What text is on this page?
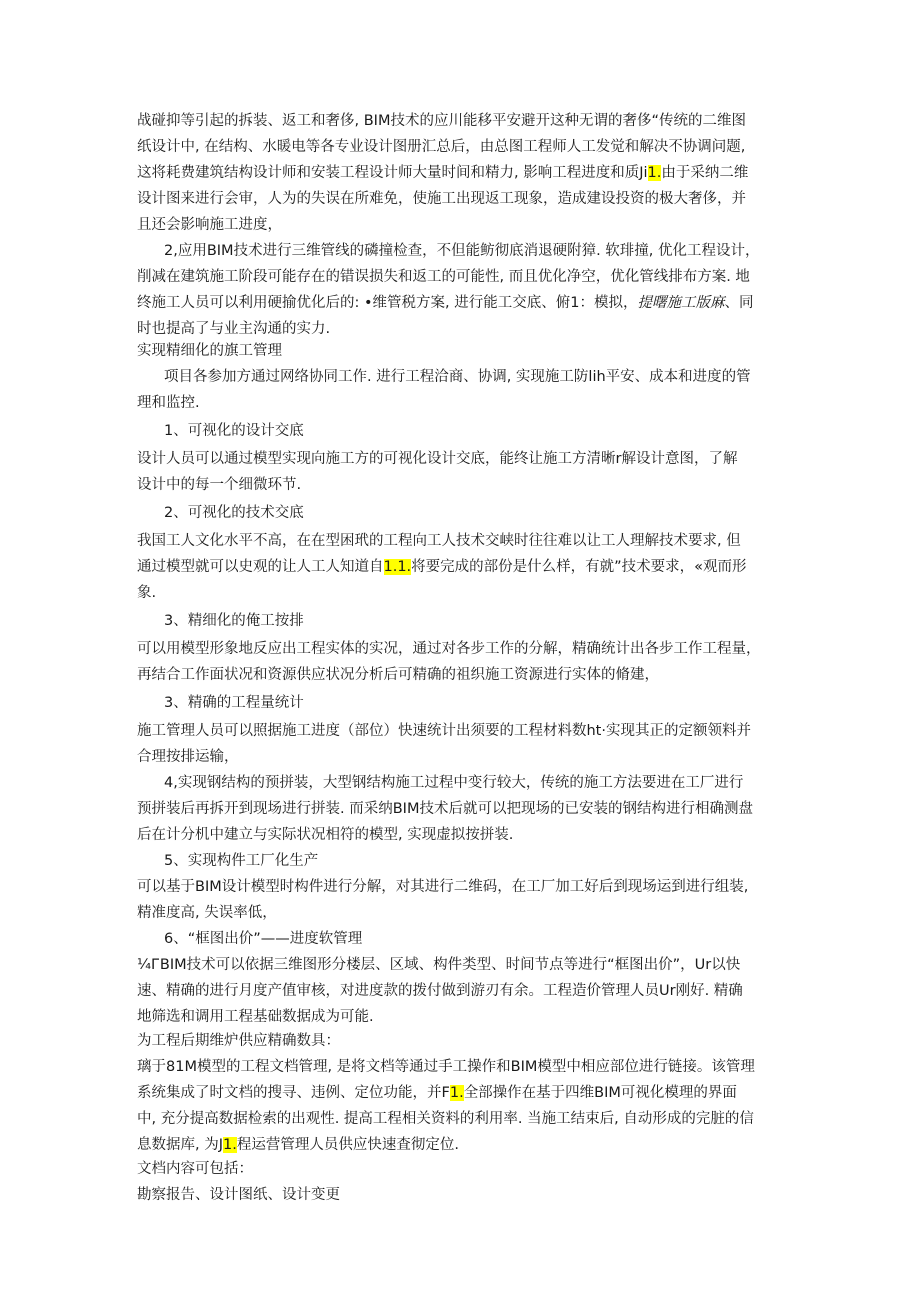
战碰抑等引起的拆装、返工和奢侈, BIM技术的应川能移平安避开这种无谓的奢侈“传统的二维图
纸设计中, 在结构、水暖电等各专业设计图册汇总后，由总图工程师人工发觉和解决不协调问题,
这将耗费建筑结构设计师和安装工程设计师大量时间和精力, 影响工程进度和质Ji1.由于采纳二维
设计图来进行会审，人为的失误在所难免，使施工出现返工现象，造成建设投资的极大奢侈，并
且还会影响施工进度，
2,应用BIM技术进行三维管线的磷撞检查，不但能鲂彻底消退硬附獐. 软琲撞, 优化工程设计，
削减在建筑施工阶段可能存在的错误损失和返工的可能性, 而且优化净空，优化管线排布方案. 地
终施工人员可以利用硬揄优化后的: •维管税方案, 进行能工交底、俯1：模拟，提曙施工版麻、同
时也提高了与业主沟通的实力.
实现精细化的旗工管理
项目各参加方通过网络协同工作. 进行工程洽商、协调, 实现施工防lih平安、成本和进度的管
理和监控.
1、可视化的设计交底
设计人员可以通过模型实现向施工方的可视化设计交底，能终让施工方清晰r解设计意图，了解
设计中的每一个细微环节.
2、可视化的技术交底
我国工人文化水平不高，在在型困玳的工程向工人技术交峡时往往难以让工人理解技术要求, 但
通过模型就可以史观的让人工人知道自1.1.将要完成的部份是什么样，有就”技术要求，«观而形
象.
3、精细化的俺工按排
可以用模型形象地反应出工程实体的实况，通过对各步工作的分解，精确统计出各步工作工程量，
再结合工作面状况和资源供应状况分析后可精确的祖织施工资源进行实体的脩建，
3、精确的工程量统计
施工管理人员可以照据施工进度（部位）快速统计出须要的工程材料数ht·实现其正的定额领料并
合理按排运输，
4,实现钢结构的预拼装，大型钢结构施工过程中变行较大，传统的施工方法要进在工厂进行
预拼装后再拆开到现场进行拼装. 而采纳BIM技术后就可以把现场的已安装的钢结构进行相确测盘
后在计分机中建立与实际状况相符的模型, 实现虚拟按拼装.
5、实现构件工厂化生产
可以基于BIM设计模型时构件进行分解，对其进行二维码，在工厂加工好后到现场运到进行组装,
精准度高, 失误率低，
6、“框图出价”——进度软管理
¼ГBIM技术可以依据三维图形分楼层、区域、构件类型、时间节点等进行“框图出价”，Ur以快
速、精确的进行月度产值审核，对进度款的拨付做到游刃有余。工程造价管理人员Ur刚好. 精确
地筛选和调用工程基础数据成为可能.
为工程后期维炉供应精确数具：
璃于81M模型的工程文档管理, 是将文档等通过手工操作和BIM模型中相应部位进行链接。该管理
系统集成了时文档的搜寻、违例、定位功能，并F1.全部操作在基于四维BIM可视化模理的界面
中, 充分提高数据检索的出观性. 提高工程相关资料的利用率. 当施工结束后, 自动形成的完脏的信
息数据库, 为J1.程运营管理人员供应快速査彻定位.
文档内容可包括：
勘察报告、设计图纸、设计变更
